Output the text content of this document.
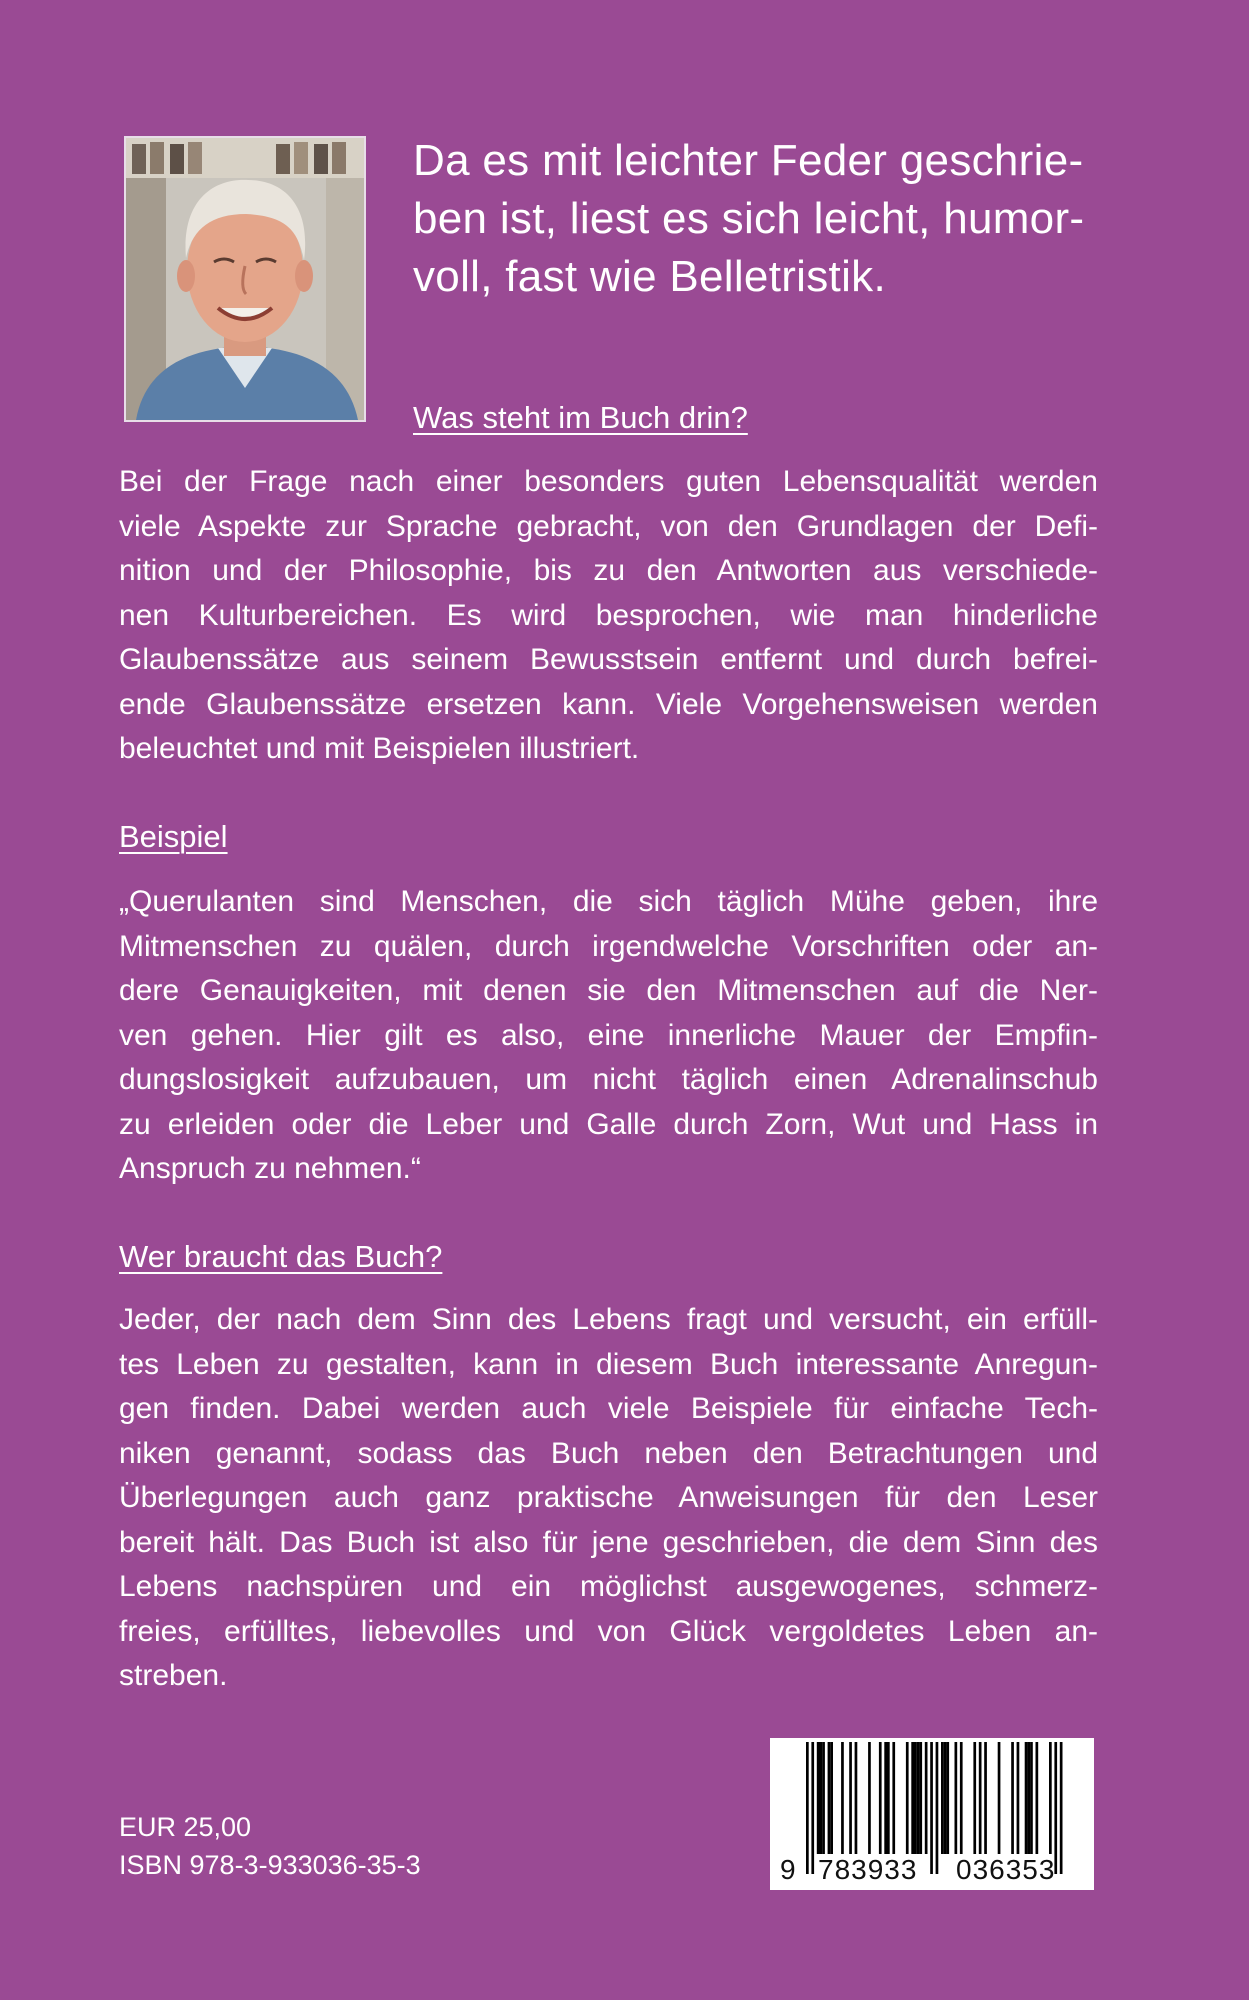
Da es mit leichter Feder geschrie-
ben ist, liest es sich leicht, humor-
voll, fast wie Belletristik.
Was steht im Buch drin?
Bei der Frage nach einer besonders guten Lebensqualität werden
viele Aspekte zur Sprache gebracht, von den Grundlagen der Defi-
nition und der Philosophie, bis zu den Antworten aus verschiede-
nen Kulturbereichen. Es wird besprochen, wie man hinderliche
Glaubenssätze aus seinem Bewusstsein entfernt und durch befrei-
ende Glaubenssätze ersetzen kann. Viele Vorgehensweisen werden
beleuchtet und mit Beispielen illustriert.
Beispiel
„Querulanten sind Menschen, die sich täglich Mühe geben, ihre
Mitmenschen zu quälen, durch irgendwelche Vorschriften oder an-
dere Genauigkeiten, mit denen sie den Mitmenschen auf die Ner-
ven gehen. Hier gilt es also, eine innerliche Mauer der Empfin-
dungslosigkeit aufzubauen, um nicht täglich einen Adrenalinschub
zu erleiden oder die Leber und Galle durch Zorn, Wut und Hass in
Anspruch zu nehmen.“
Wer braucht das Buch?
Jeder, der nach dem Sinn des Lebens fragt und versucht, ein erfüll-
tes Leben zu gestalten, kann in diesem Buch interessante Anregun-
gen finden. Dabei werden auch viele Beispiele für einfache Tech-
niken genannt, sodass das Buch neben den Betrachtungen und
Überlegungen auch ganz praktische Anweisungen für den Leser
bereit hält. Das Buch ist also für jene geschrieben, die dem Sinn des
Lebens nachspüren und ein möglichst ausgewogenes, schmerz-
freies, erfülltes, liebevolles und von Glück vergoldetes Leben an-
streben.
EUR 25,00
ISBN 978-3-933036-35-3	9 783933 036353
